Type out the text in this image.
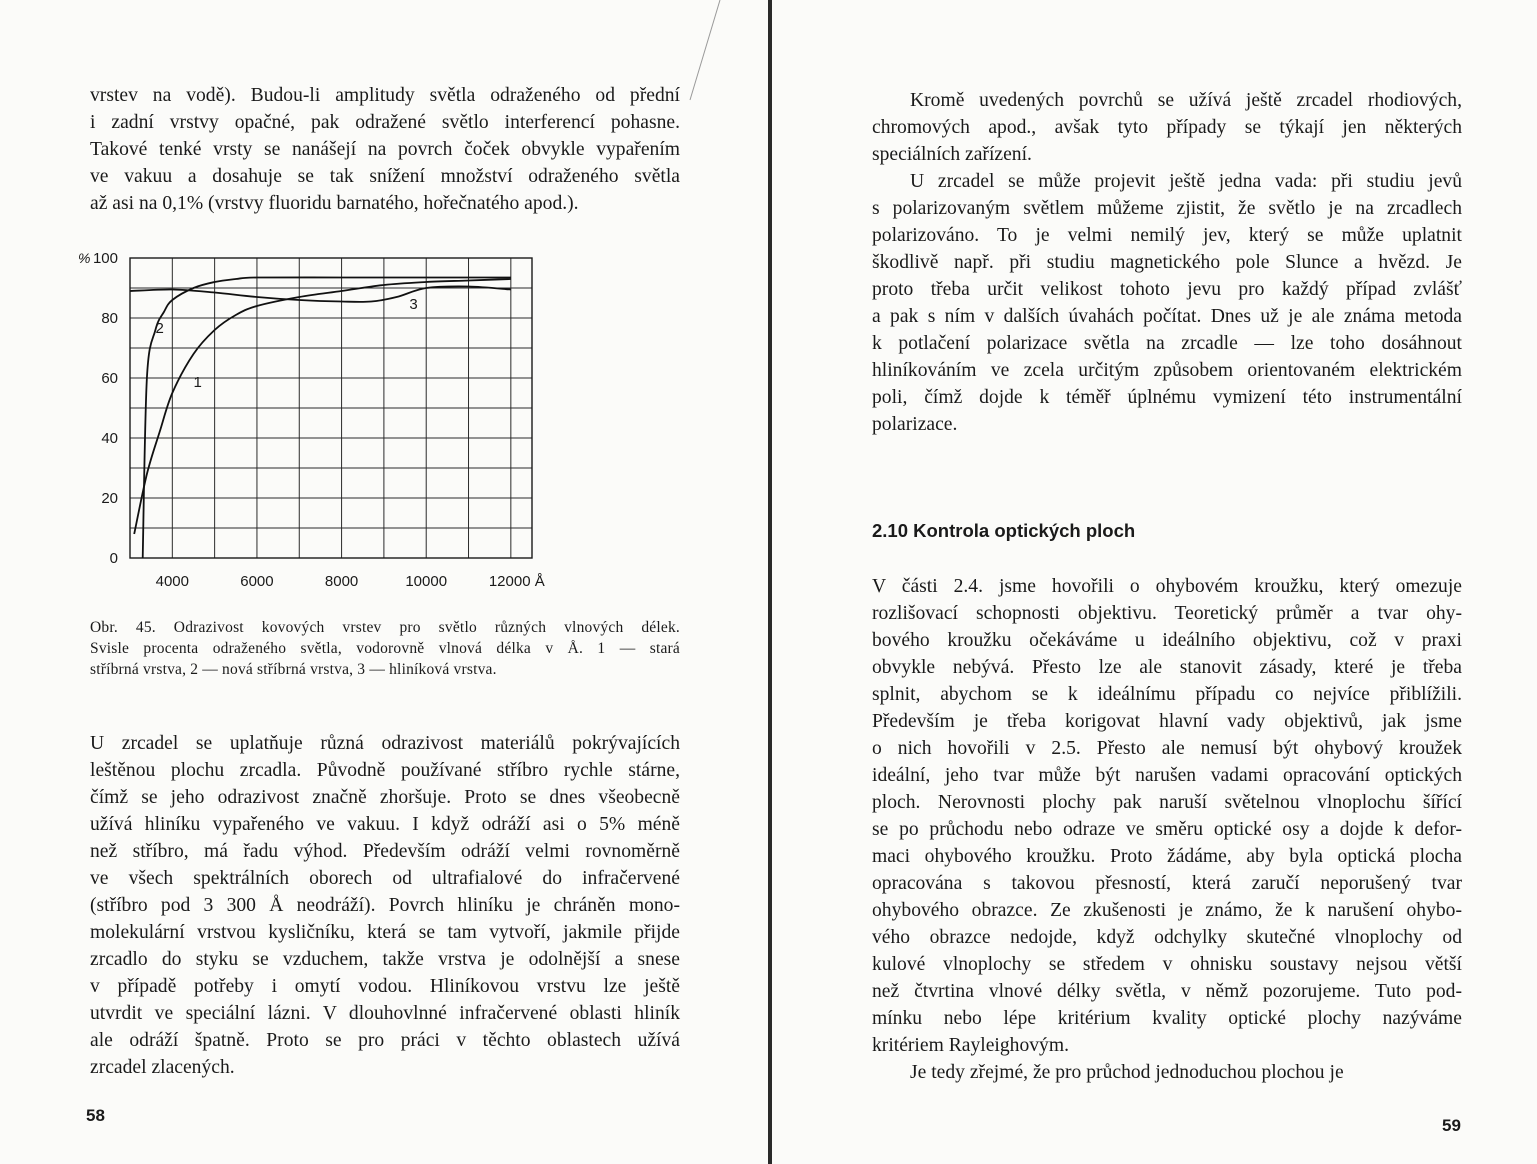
vrstev na vodě). Budou-li amplitudy světla odraženého od přední
i zadní vrstvy opačné, pak odražené světlo interferencí pohasne.
Takové tenké vrsty se nanášejí na povrch čoček obvykle vypařením
ve vakuu a dosahuje se tak snížení množství odraženého světla
až asi na 0,1% (vrstvy fluoridu barnatého, hořečnatého apod.).
0
20
40
60
80
100
%
4000	6000	8000	10000	12000 Å
1
2
3
Obr. 45. Odrazivost kovových vrstev pro světlo různých vlnových délek.
Svisle procenta odraženého světla, vodorovně vlnová délka v Å. 1 — stará
stříbrná vrstva, 2 — nová stříbrná vrstva, 3 — hliníková vrstva.
U zrcadel se uplatňuje různá odrazivost materiálů pokrývajících
leštěnou plochu zrcadla. Původně používané stříbro rychle stárne,
čímž se jeho odrazivost značně zhoršuje. Proto se dnes všeobecně
užívá hliníku vypařeného ve vakuu. I když odráží asi o 5% méně
než stříbro, má řadu výhod. Především odráží velmi rovnoměrně
ve všech spektrálních oborech od ultrafialové do infračervené
(stříbro pod 3 300 Å neodráží). Povrch hliníku je chráněn mono-
molekulární vrstvou kysličníku, která se tam vytvoří, jakmile přijde
zrcadlo do styku se vzduchem, takže vrstva je odolnější a snese
v případě potřeby i omytí vodou. Hliníkovou vrstvu lze ještě
utvrdit ve speciální lázni. V dlouhovlnné infračervené oblasti hliník
ale odráží špatně. Proto se pro práci v těchto oblastech užívá
zrcadel zlacených.
58
Kromě uvedených povrchů se užívá ještě zrcadel rhodiových,
chromových apod., avšak tyto případy se týkají jen některých
speciálních zařízení.
U zrcadel se může projevit ještě jedna vada: při studiu jevů
s polarizovaným světlem můžeme zjistit, že světlo je na zrcadlech
polarizováno. To je velmi nemilý jev, který se může uplatnit
škodlivě např. při studiu magnetického pole Slunce a hvězd. Je
proto třeba určit velikost tohoto jevu pro každý případ zvlášť
a pak s ním v dalších úvahách počítat. Dnes už je ale známa metoda
k potlačení polarizace světla na zrcadle — lze toho dosáhnout
hliníkováním ve zcela určitým způsobem orientovaném elektrickém
poli, čímž dojde k téměř úplnému vymizení této instrumentální
polarizace.
2.10 Kontrola optických ploch
V části 2.4. jsme hovořili o ohybovém kroužku, který omezuje
rozlišovací schopnosti objektivu. Teoretický průměr a tvar ohy-
bového kroužku očekáváme u ideálního objektivu, což v praxi
obvykle nebývá. Přesto lze ale stanovit zásady, které je třeba
splnit, abychom se k ideálnímu případu co nejvíce přiblížili.
Především je třeba korigovat hlavní vady objektivů, jak jsme
o nich hovořili v 2.5. Přesto ale nemusí být ohybový kroužek
ideální, jeho tvar může být narušen vadami opracování optických
ploch. Nerovnosti plochy pak naruší světelnou vlnoplochu šířící
se po průchodu nebo odraze ve směru optické osy a dojde k defor-
maci ohybového kroužku. Proto žádáme, aby byla optická plocha
opracována s takovou přesností, která zaručí neporušený tvar
ohybového obrazce. Ze zkušenosti je známo, že k narušení ohybo-
vého obrazce nedojde, když odchylky skutečné vlnoplochy od
kulové vlnoplochy se středem v ohnisku soustavy nejsou větší
než čtvrtina vlnové délky světla, v němž pozorujeme. Tuto pod-
mínku nebo lépe kritérium kvality optické plochy nazýváme
kritériem Rayleighovým.
Je tedy zřejmé, že pro průchod jednoduchou plochou je
59
